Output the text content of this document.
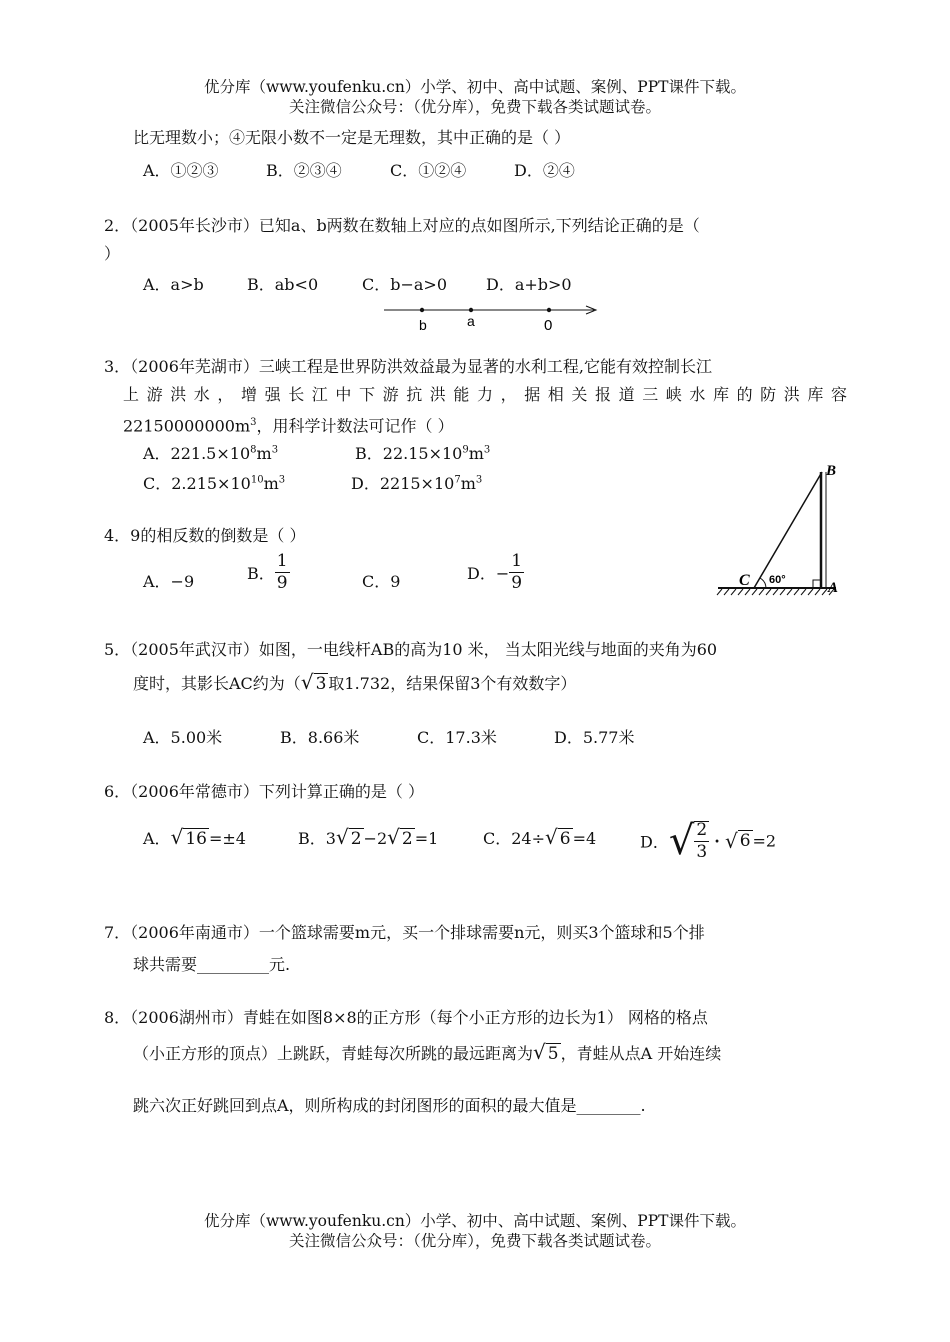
优分库（www.youfenku.cn）小学、初中、高中试题、案例、PPT课件下载。
关注微信公众号：（优分库），免费下载各类试题试卷。
比无理数小；④无限小数不一定是无理数，其中正确的是（ ）
A．①②③	B．②③④	C．①②④	D．②④
2．（2005年长沙市）已知a、b两数在数轴上对应的点如图所示,下列结论正确的是（
）
A．a>b	B．ab<0	C．b−a>0 D．a+b>0
b	a	0
3．（2006年芜湖市）三峡工程是世界防洪效益最为显著的水利工程,它能有效控制长江
上游洪水，增强长江中下游抗洪能力，据相关报道三峡水库的防洪库容
$22150000000m^3$，用科学计数法可记作（ ）
A．$221.5\times 10^8m^3$	B．$22.15\times 10^9m^3$
C．$2.215\times 10^{10}m^3$	D．$2215\times 10^7m^3$
B
C	A
60°
4．9的相反数的倒数是（ ）
A．−9	B． $\frac{1}{9}$	C．9	D．− $\frac{1}{9}$
5．（2005年武汉市）如图，一电线杆AB的高为10 米， 当太阳光线与地面的夹角为60
度时，其影长AC约为（√ 3 取1.732，结果保留3个有效数字）
A．5.00米	B．8.66米	C．17.3米	D．5.77米
6．（2006年常德市）下列计算正确的是（ ）
A．√ 16 =±4	B．3√ 2 −2√ 2 =1	C．24÷√ 6 =4	D．√ $\frac{2}{3}$ · √ 6 =2
7．（2006年南通市）一个篮球需要m元，买一个排球需要n元，则买3个篮球和5个排
球共需要_________元.
8．（2006湖州市）青蛙在如图8×8的正方形（每个小正方形的边长为1） 网格的格点
（小正方形的顶点）上跳跃，青蛙每次所跳的最远距离为√ 5 ，青蛙从点A 开始连续
跳六次正好跳回到点A，则所构成的封闭图形的面积的最大值是________.
优分库（www.youfenku.cn）小学、初中、高中试题、案例、PPT课件下载。
关注微信公众号：（优分库），免费下载各类试题试卷。
